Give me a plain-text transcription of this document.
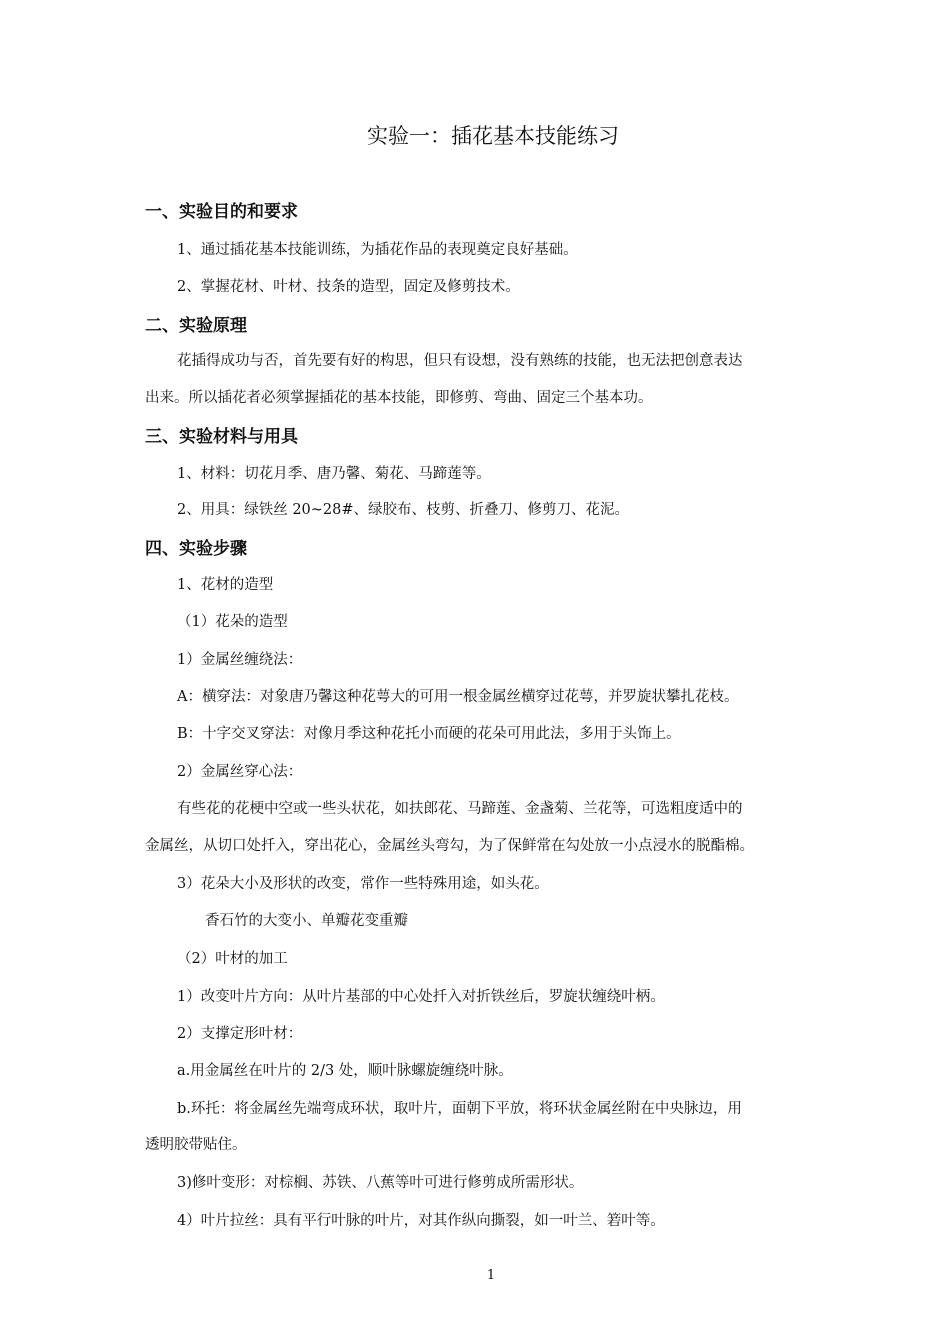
实验一：插花基本技能练习
一、实验目的和要求
1、通过插花基本技能训练，为插花作品的表现奠定良好基础。
2、掌握花材、叶材、技条的造型，固定及修剪技术。
二、实验原理
花插得成功与否，首先要有好的构思，但只有设想，没有熟练的技能，也无法把创意表达
出来。所以插花者必须掌握插花的基本技能，即修剪、弯曲、固定三个基本功。
三、实验材料与用具
1、材料：切花月季、唐乃馨、菊花、马蹄莲等。
2、用具：绿铁丝 20~28#、绿胶布、枝剪、折叠刀、修剪刀、花泥。
四、实验步骤
1、花材的造型
（1）花朵的造型
1）金属丝缠绕法：
A：横穿法：对象唐乃馨这种花萼大的可用一根金属丝横穿过花萼，并罗旋状攀扎花枝。
B：十字交叉穿法：对像月季这种花托小而硬的花朵可用此法，多用于头饰上。
2）金属丝穿心法：
有些花的花梗中空或一些头状花，如扶郎花、马蹄莲、金盏菊、兰花等，可选粗度适中的
金属丝，从切口处扦入，穿出花心，金属丝头弯勾，为了保鲜常在勾处放一小点浸水的脱酯棉。
3）花朵大小及形状的改变，常作一些特殊用途，如头花。
香石竹的大变小、单瓣花变重瓣
（2）叶材的加工
1）改变叶片方向：从叶片基部的中心处扦入对折铁丝后，罗旋状缠绕叶柄。
2）支撑定形叶材：
a.用金属丝在叶片的 2/3 处，顺叶脉螺旋缠绕叶脉。
b.环托：将金属丝先端弯成环状，取叶片，面朝下平放，将环状金属丝附在中央脉边，用
透明胶带贴住。
3)修叶变形：对棕榈、苏铁、八蕉等叶可进行修剪成所需形状。
4）叶片拉丝：具有平行叶脉的叶片，对其作纵向撕裂，如一叶兰、箬叶等。
1
